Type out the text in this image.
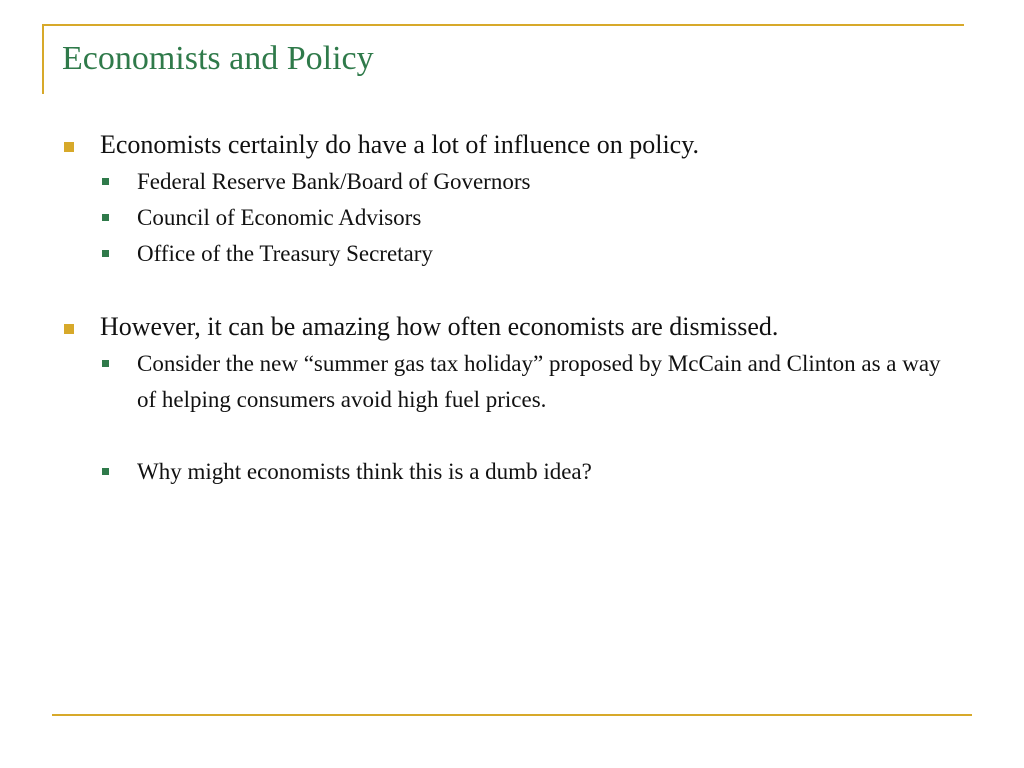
Economists and Policy

Economists certainly do have a lot of influence on policy.

Federal Reserve Bank/Board of Governors

Council of Economic Advisors

Office of the Treasury Secretary

However, it can be amazing how often economists are dismissed.

Consider the new “summer gas tax holiday” proposed by McCain and Clinton as a way of helping consumers avoid high fuel prices.

Why might economists think this is a dumb idea?
